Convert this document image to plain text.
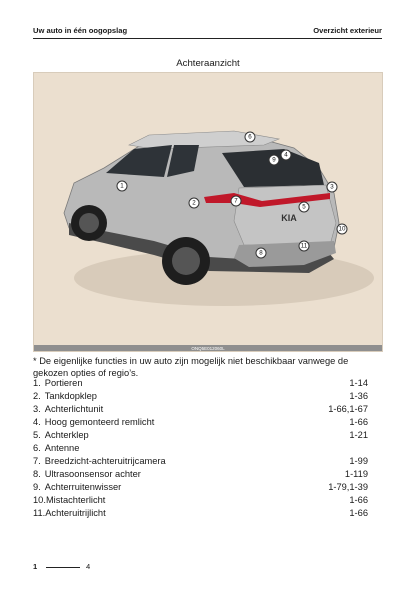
Uw auto in één oogopslag	Overzicht exterieur
Achteraanzicht
KIA
1
2
3
4
5
6
7
8
9
10
11
ONQ5E012060L
* De eigenlijke functies in uw auto zijn mogelijk niet beschikbaar vanwege de gekozen opties of regio’s.
1. Portieren	1-14
2. Tankdopklep	1-36
3. Achterlichtunit	1-66,1-67
4. Hoog gemonteerd remlicht	1-66
5. Achterklep	1-21
6. Antenne
7. Breedzicht-achteruitrijcamera	1-99
8. Ultrasoonsensor achter	1-119
9. Achterruitenwisser	1-79,1-39
10.Mistachterlicht	1-66
11.Achteruitrijlicht	1-66
1	4
